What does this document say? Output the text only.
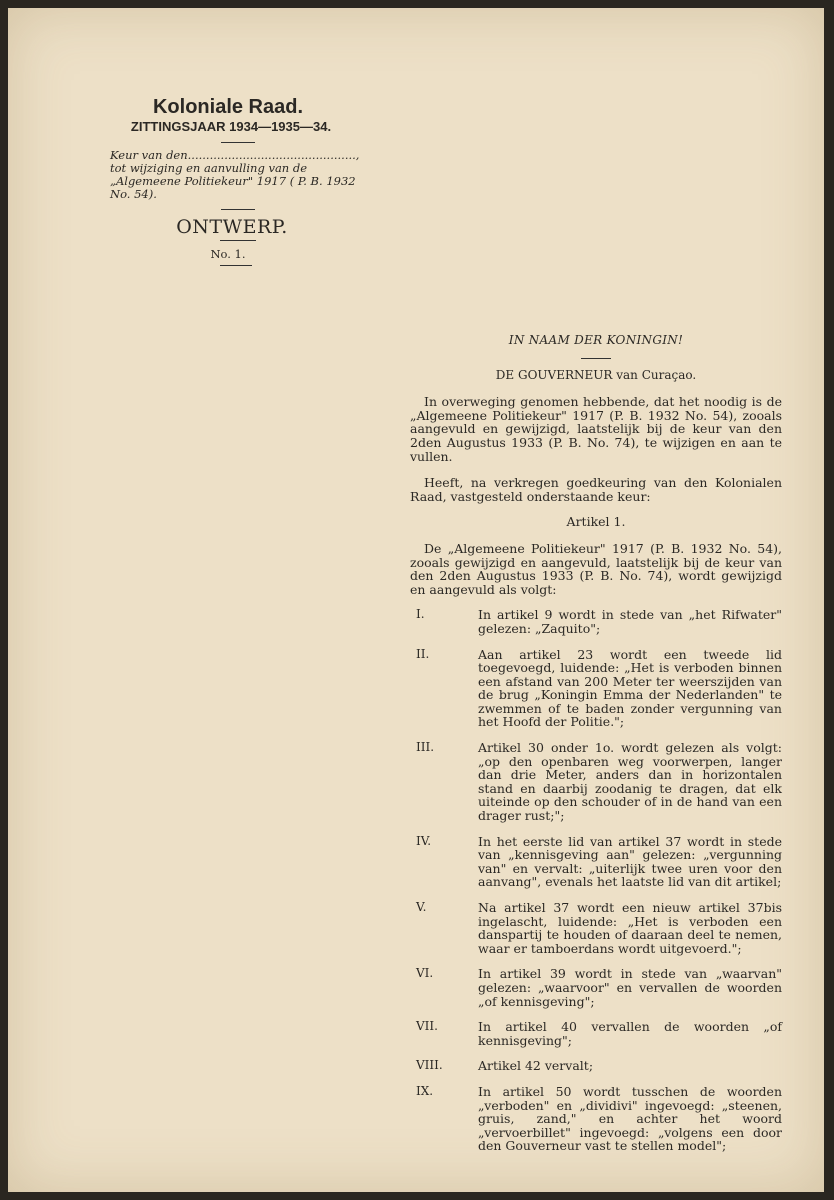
Koloniale Raad.
ZITTINGSJAAR 1934—1935—34.
Keur van den.............................................., tot wijziging en aanvulling van de „Algemeene Politiekeur" 1917 ( P. B. 1932 No. 54).
ONTWERP.
No. 1.
IN NAAM DER KONINGIN!
DE GOUVERNEUR van Curaçao.

In overweging genomen hebbende, dat het noodig is de „Algemeene Politiekeur" 1917 (P. B. 1932 No. 54), zooals aangevuld en gewijzigd, laatstelijk bij de keur van den 2den Augustus 1933 (P. B. No. 74), te wijzigen en aan te vullen.

Heeft, na verkregen goedkeuring van den Kolonialen Raad, vastgesteld onderstaande keur:

Artikel 1.

De „Algemeene Politiekeur" 1917 (P. B. 1932 No. 54), zooals gewijzigd en aangevuld, laatstelijk bij de keur van den 2den Augustus 1933 (P. B. No. 74), wordt gewijzigd en aangevuld als volgt:

I.	In artikel 9 wordt in stede van „het Rifwater" gelezen: „Zaquito";
II.	Aan artikel 23 wordt een tweede lid toegevoegd, luidende: „Het is verboden binnen een afstand van 200 Meter ter weerszijden van de brug „Koningin Emma der Nederlanden" te zwemmen of te baden zonder vergunning van het Hoofd der Politie.";
III.	Artikel 30 onder 1o. wordt gelezen als volgt: „op den openbaren weg voorwerpen, langer dan drie Meter, anders dan in horizontalen stand en daarbij zoodanig te dragen, dat elk uiteinde op den schouder of in de hand van een drager rust;";
IV.	In het eerste lid van artikel 37 wordt in stede van „kennisgeving aan" gelezen: „vergunning van" en vervalt: „uiterlijk twee uren voor den aanvang", evenals het laatste lid van dit artikel;
V.	Na artikel 37 wordt een nieuw artikel 37bis ingelascht, luidende: „Het is verboden een danspartij te houden of daaraan deel te nemen, waar er tamboerdans wordt uitgevoerd.";
VI.	In artikel 39 wordt in stede van „waarvan" gelezen: „waarvoor" en vervallen de woorden „of kennisgeving";
VII.	In artikel 40 vervallen de woorden „of kennisgeving";
VIII.	Artikel 42 vervalt;
IX.	In artikel 50 wordt tusschen de woorden „verboden" en „dividivi" ingevoegd: „steenen, gruis, zand," en achter het woord „vervoerbillet" ingevoegd: „volgens een door den Gouverneur vast te stellen model";
